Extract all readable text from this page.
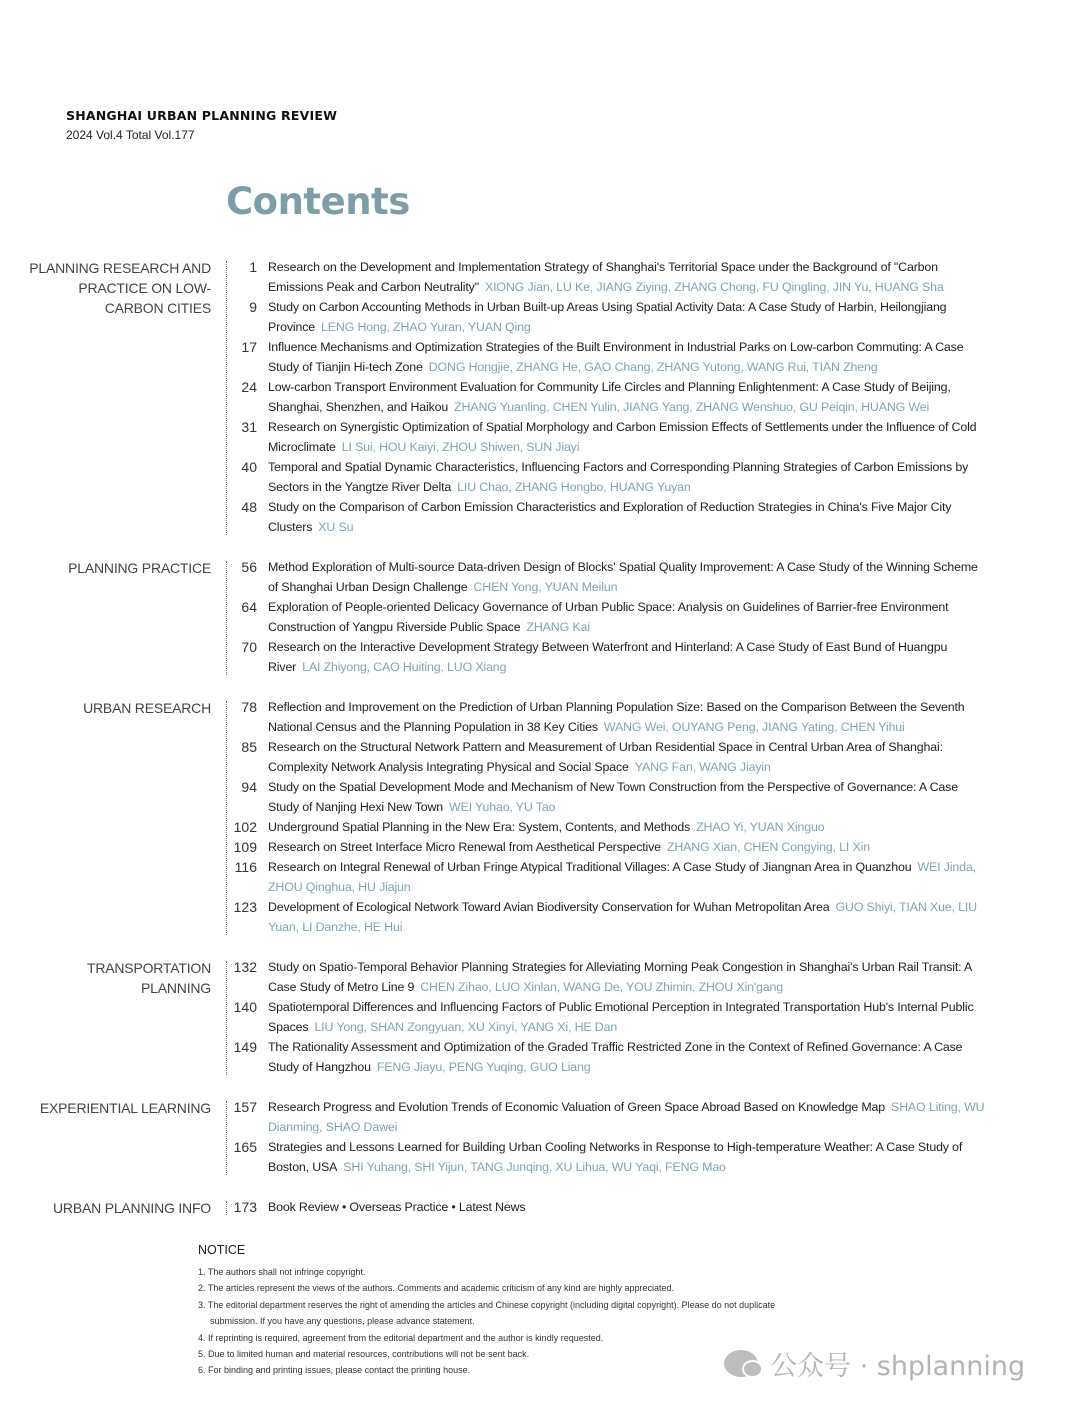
SHANGHAI URBAN PLANNING REVIEW
2024 Vol.4 Total Vol.177
Contents
PLANNING RESEARCH AND PRACTICE ON LOW-CARBON CITIES
1 Research on the Development and Implementation Strategy of Shanghai's Territorial Space under the Background of "Carbon Emissions Peak and Carbon Neutrality" XIONG Jian, LU Ke, JIANG Ziying, ZHANG Chong, FU Qingling, JIN Yu, HUANG Sha
9 Study on Carbon Accounting Methods in Urban Built-up Areas Using Spatial Activity Data: A Case Study of Harbin, Heilongjiang Province LENG Hong, ZHAO Yuran, YUAN Qing
17 Influence Mechanisms and Optimization Strategies of the Built Environment in Industrial Parks on Low-carbon Commuting: A Case Study of Tianjin Hi-tech Zone DONG Hongjie, ZHANG He, GAO Chang, ZHANG Yutong, WANG Rui, TIAN Zheng
24 Low-carbon Transport Environment Evaluation for Community Life Circles and Planning Enlightenment: A Case Study of Beijing, Shanghai, Shenzhen, and Haikou ZHANG Yuanling, CHEN Yulin, JIANG Yang, ZHANG Wenshuo, GU Peiqin, HUANG Wei
31 Research on Synergistic Optimization of Spatial Morphology and Carbon Emission Effects of Settlements under the Influence of Cold Microclimate LI Sui, HOU Kaiyi, ZHOU Shiwen, SUN Jiayi
40 Temporal and Spatial Dynamic Characteristics, Influencing Factors and Corresponding Planning Strategies of Carbon Emissions by Sectors in the Yangtze River Delta LIU Chao, ZHANG Hongbo, HUANG Yuyan
48 Study on the Comparison of Carbon Emission Characteristics and Exploration of Reduction Strategies in China's Five Major City Clusters XU Su
PLANNING PRACTICE	56 Method Exploration of Multi-source Data-driven Design of Blocks' Spatial Quality Improvement: A Case Study of the Winning Scheme of Shanghai Urban Design Challenge CHEN Yong, YUAN Meilun
64 Exploration of People-oriented Delicacy Governance of Urban Public Space: Analysis on Guidelines of Barrier-free Environment Construction of Yangpu Riverside Public Space ZHANG Kai
70 Research on the Interactive Development Strategy Between Waterfront and Hinterland: A Case Study of East Bund of Huangpu River LAI Zhiyong, CAO Huiting, LUO Xiang
URBAN RESEARCH	78 Reflection and Improvement on the Prediction of Urban Planning Population Size: Based on the Comparison Between the Seventh National Census and the Planning Population in 38 Key Cities WANG Wei, OUYANG Peng, JIANG Yating, CHEN Yihui
85 Research on the Structural Network Pattern and Measurement of Urban Residential Space in Central Urban Area of Shanghai: Complexity Network Analysis Integrating Physical and Social Space YANG Fan, WANG Jiayin
94 Study on the Spatial Development Mode and Mechanism of New Town Construction from the Perspective of Governance: A Case Study of Nanjing Hexi New Town WEI Yuhao, YU Tao
102 Underground Spatial Planning in the New Era: System, Contents, and Methods ZHAO Yi, YUAN Xinguo
109 Research on Street Interface Micro Renewal from Aesthetical Perspective ZHANG Xian, CHEN Congying, LI Xin
116 Research on Integral Renewal of Urban Fringe Atypical Traditional Villages: A Case Study of Jiangnan Area in Quanzhou WEI Jinda, ZHOU Qinghua, HU Jiajun
123 Development of Ecological Network Toward Avian Biodiversity Conservation for Wuhan Metropolitan Area GUO Shiyi, TIAN Xue, LIU Yuan, LI Danzhe, HE Hui
TRANSPORTATION PLANNING
132 Study on Spatio-Temporal Behavior Planning Strategies for Alleviating Morning Peak Congestion in Shanghai's Urban Rail Transit: A Case Study of Metro Line 9 CHEN Zihao, LUO Xinlan, WANG De, YOU Zhimin, ZHOU Xin'gang
140 Spatiotemporal Differences and Influencing Factors of Public Emotional Perception in Integrated Transportation Hub's Internal Public Spaces LIU Yong, SHAN Zongyuan, XU Xinyi, YANG Xi, HE Dan
149 The Rationality Assessment and Optimization of the Graded Traffic Restricted Zone in the Context of Refined Governance: A Case Study of Hangzhou FENG Jiayu, PENG Yuqing, GUO Liang
EXPERIENTIAL LEARNING 157 Research Progress and Evolution Trends of Economic Valuation of Green Space Abroad Based on Knowledge Map SHAO Liting, WU Dianming, SHAO Dawei
165 Strategies and Lessons Learned for Building Urban Cooling Networks in Response to High-temperature Weather: A Case Study of Boston, USA SHI Yuhang, SHI Yijun, TANG Junqing, XU Lihua, WU Yaqi, FENG Mao
URBAN PLANNING INFO 173 Book Review • Overseas Practice • Latest News
NOTICE
1. The authors shall not infringe copyright.
2. The articles represent the views of the authors. Comments and academic criticism of any kind are highly appreciated.
3. The editorial department reserves the right of amending the articles and Chinese copyright (including digital copyright). Please do not duplicate
submission. If you have any questions, please advance statement.
4. If reprinting is required, agreement from the editorial department and the author is kindly requested.
5. Due to limited human and material resources, contributions will not be sent back.
6. For binding and printing issues, please contact the printing house.	公众号 · shplanning
